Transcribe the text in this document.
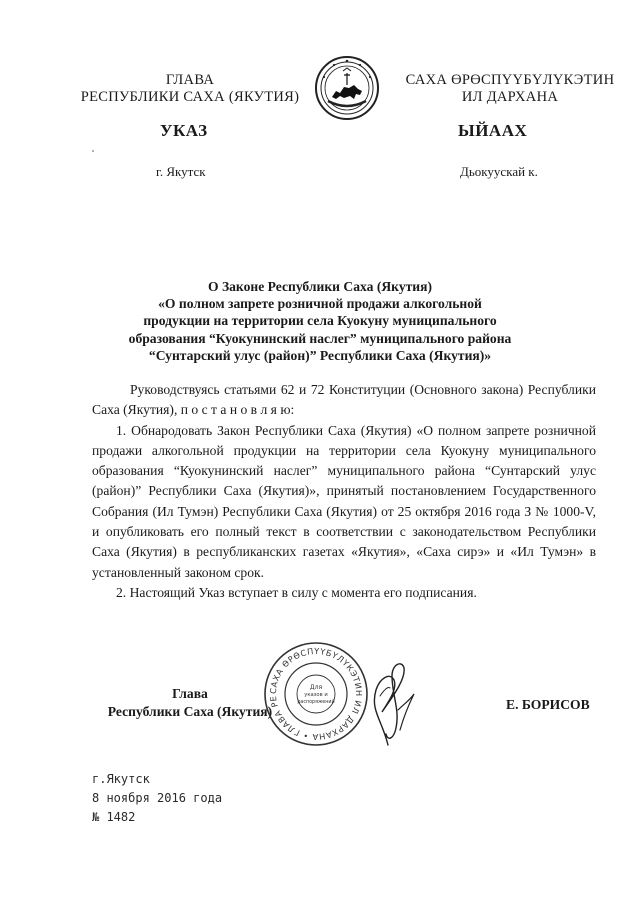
ГЛАВА
РЕСПУБЛИКИ САХА (ЯКУТИЯ)
САХА ӨРӨСПҮҮБҮЛҮКЭТИН
ИЛ ДАРХАНА
УКАЗ	ЫЙААХ
г. Якутск	Дьокуускай к.
О Законе Республики Саха (Якутия)
«О полном запрете розничной продажи алкогольной
продукции на территории села Куокуну муниципального
образования “Куокунинский наслег” муниципального района
“Сунтарский улус (район)” Республики Саха (Якутия)»

Руководствуясь статьями 62 и 72 Конституции (Основного закона) Республики Саха (Якутия), п о с т а н о в л я ю:

1. Обнародовать Закон Республики Саха (Якутия) «О полном запрете розничной продажи алкогольной продукции на территории села Куокуну муниципального образования “Куокунинский наслег” муниципального района “Сунтарский улус (район)” Республики Саха (Якутия)», принятый постановлением Государственного Собрания (Ил Тумэн) Республики Саха (Якутия) от 25 октября 2016 года З № 1000-V, и опубликовать его полный текст в соответствии с законодательством Республики Саха (Якутия) в республиканских газетах «Якутия», «Саха сирэ» и «Ил Тумэн» в установленный законом срок.

2. Настоящий Указ вступает в силу с момента его подписания.

Глава
Республики Саха (Якутия)
САХА ӨРӨСПҮҮБҮЛҮКЭТИН ИЛ ДАРХАНА • ГЛАВА РЕ
Для
указов и
распоряжений	Е. БОРИСОВ
г.Якутск
8 ноября 2016 года
№ 1482
